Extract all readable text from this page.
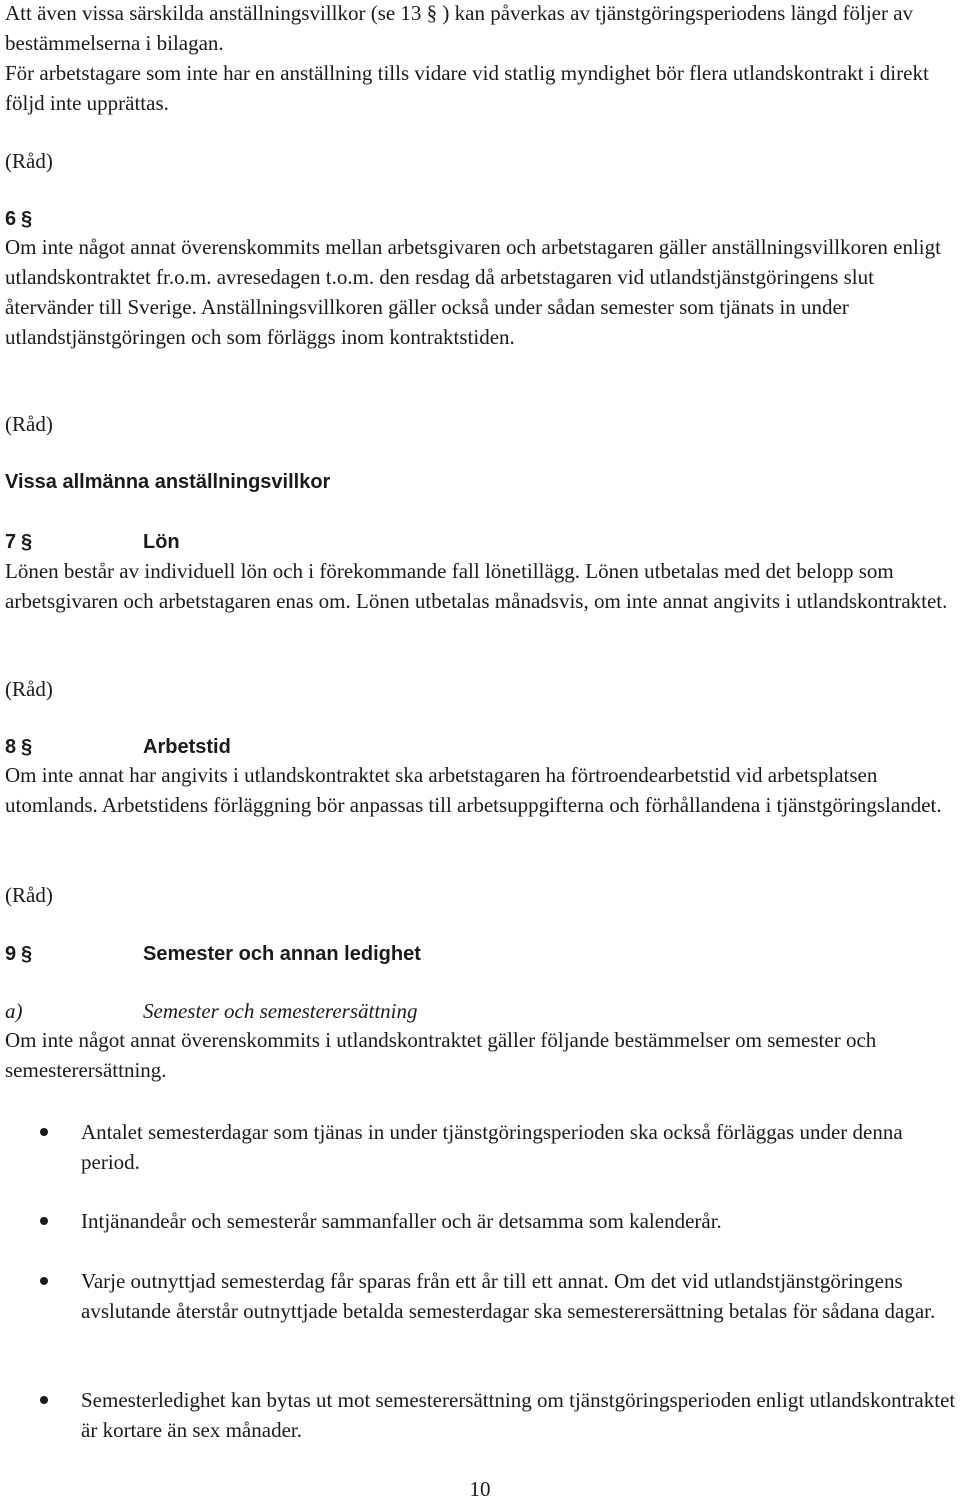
Att även vissa särskilda anställningsvillkor (se 13 § ) kan påverkas av tjänstgöringsperiodens längd följer av bestämmelserna i bilagan.

För arbetstagare som inte har en anställning tills vidare vid statlig myndighet bör flera utlandskontrakt i direkt följd inte upprättas.

(Råd)
6 §

Om inte något annat överenskommits mellan arbetsgivaren och arbetstagaren gäller anställningsvillkoren enligt utlandskontraktet fr.o.m. avresedagen t.o.m. den resdag då arbetstagaren vid utlandstjänstgöringens slut återvänder till Sverige. Anställningsvillkoren gäller också under sådan semester som tjänats in under utlandstjänstgöringen och som förläggs inom kontraktstiden.

(Råd)
Vissa allmänna anställningsvillkor
7 §	Lön

Lönen består av individuell lön och i förekommande fall lönetillägg. Lönen utbetalas med det belopp som arbetsgivaren och arbetstagaren enas om. Lönen utbetalas månadsvis, om inte annat angivits i utlandskontraktet.

(Råd)
8 §	Arbetstid

Om inte annat har angivits i utlandskontraktet ska arbetstagaren ha förtroendearbetstid vid arbetsplatsen utomlands. Arbetstidens förläggning bör anpassas till arbetsuppgifterna och förhållandena i tjänstgöringslandet.

(Råd)
9 §	Semester och annan ledighet
a)	Semester och semesterersättning

Om inte något annat överenskommits i utlandskontraktet gäller följande bestämmelser om semester och semesterersättning.

Antalet semesterdagar som tjänas in under tjänstgöringsperioden ska också förläggas under denna period.

Intjänandeår och semesterår sammanfaller och är detsamma som kalenderår.

Varje outnyttjad semesterdag får sparas från ett år till ett annat. Om det vid utlandstjänstgöringens avslutande återstår outnyttjade betalda semesterdagar ska semesterersättning betalas för sådana dagar.

Semesterledighet kan bytas ut mot semesterersättning om tjänstgöringsperioden enligt utlandskontraktet är kortare än sex månader.

10
